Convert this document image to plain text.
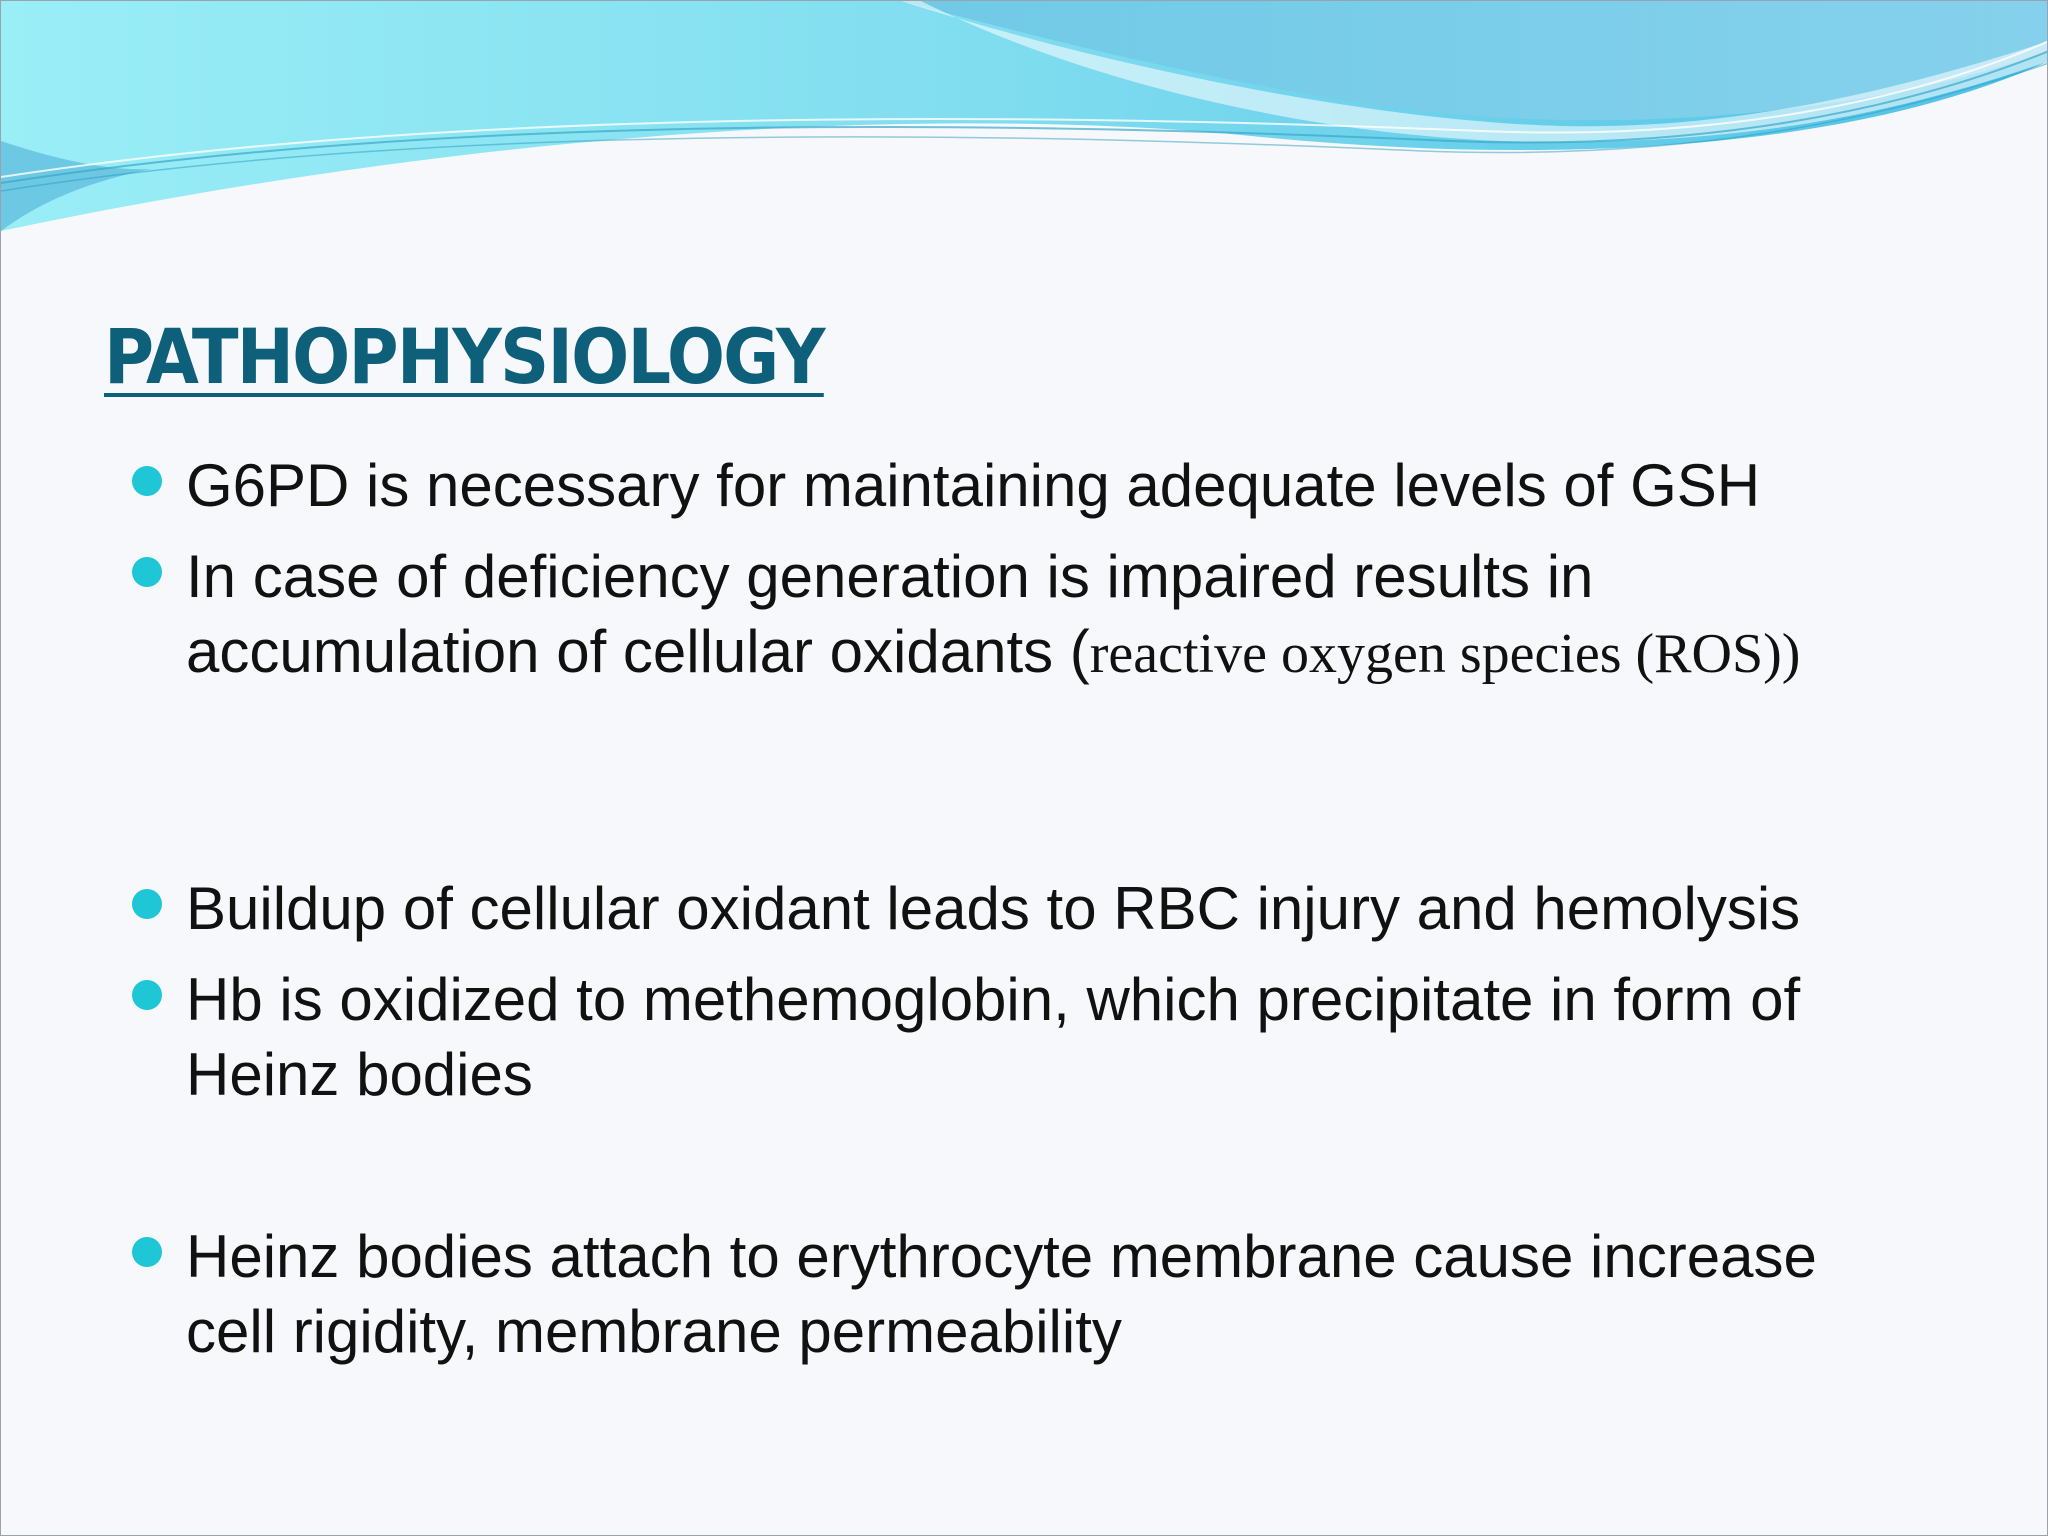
PATHOPHYSIOLOGY
G6PD is necessary for maintaining adequate levels of GSH
In case of deficiency generation is impaired results in accumulation of cellular oxidants (reactive oxygen species (ROS))
Buildup of cellular oxidant leads to RBC injury and hemolysis
Hb is oxidized to methemoglobin, which precipitate in form of Heinz bodies
Heinz bodies attach to erythrocyte membrane cause increase cell rigidity, membrane permeability
